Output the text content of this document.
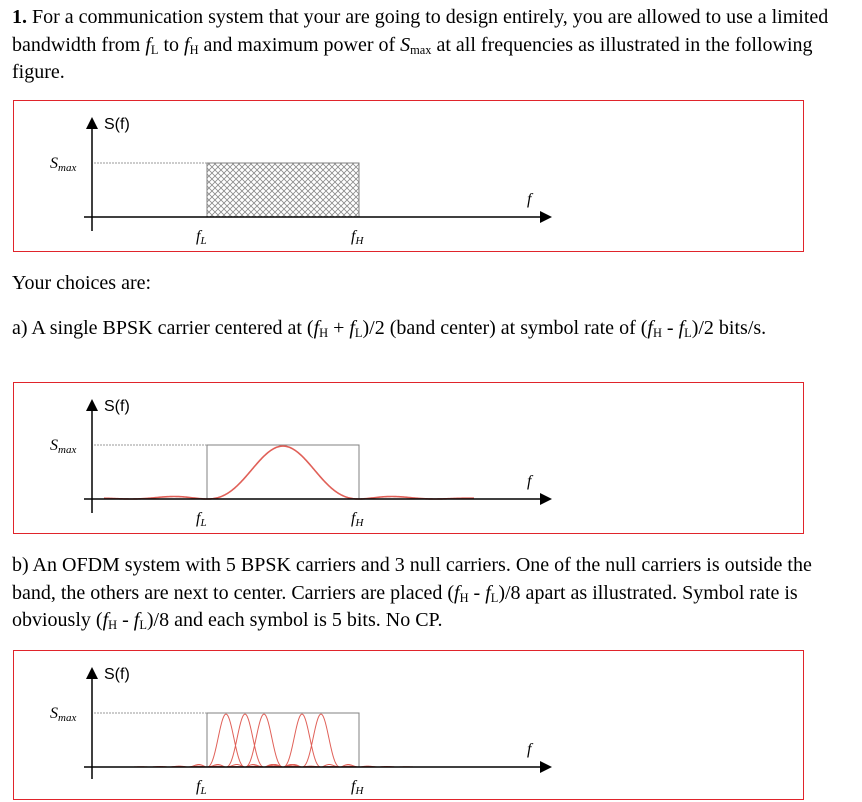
1. For a communication system that your are going to design entirely, you are allowed to use a limited bandwidth from $f_L$ to $f_H$ and maximum power of $S_{max}$ at all frequencies as illustrated in the following figure.
S(f)
Smax
f
fL	fH
Your choices are:
a) A single BPSK carrier centered at $(f_H + f_L)/2$ (band center) at symbol rate of $(f_H - f_L)/2$ bits/s.
S(f)
Smax
f
fL	fH
b) An OFDM system with 5 BPSK carriers and 3 null carriers. One of the null carriers is outside the band, the others are next to center. Carriers are placed $(f_H - f_L)/8$ apart as illustrated. Symbol rate is obviously $(f_H - f_L)/8$ and each symbol is 5 bits. No CP.
S(f)
Smax
f
fL	fH
